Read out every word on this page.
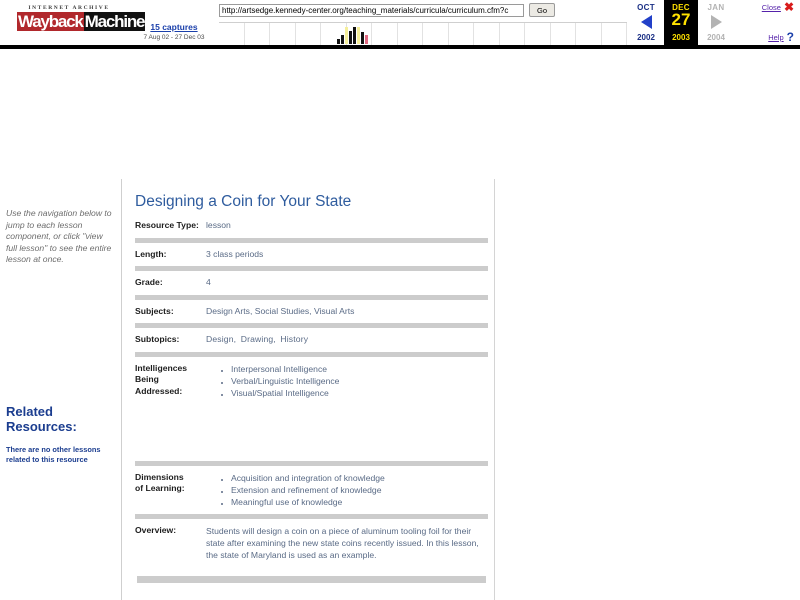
INTERNET ARCHIVE
Wayback Machine 15 captures
7 Aug 02 - 27 Dec 03
http://artsedge.kennedy-center.org/teaching_materials/curricula/curriculum.cfm?c
Go	OCT
2002
DEC
27
2003
JAN
2004
Close ✖
Help ?
Use the navigation below to jump to each lesson component, or click "view full lesson" to see the entire lesson at once.
Related Resources:
There are no other lessons related to this resource
Designing a Coin for Your State
Resource Type: lesson
Length:	3 class periods
Grade:	4
Subjects:	Design Arts, Social Studies, Visual Arts
Subtopics:	Design, Drawing, History
Intelligences
Being
Addressed:
• Interpersonal Intelligence
• Verbal/Linguistic Intelligence
• Visual/Spatial Intelligence
Dimensions
of Learning:
• Acquisition and integration of knowledge
• Extension and refinement of knowledge
• Meaningful use of knowledge
Overview:	Students will design a coin on a piece of aluminum tooling foil for their state after examining the new state coins recently issued. In this lesson, the state of Maryland is used as an example.
